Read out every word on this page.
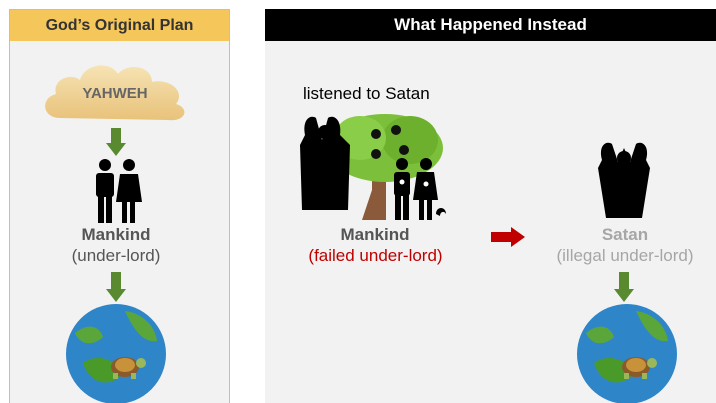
God’s Original Plan
YAHWEH
Mankind
(under-lord)
What Happened Instead
listened to Satan
Mankind
(failed under-lord)
Satan
(illegal under-lord)
